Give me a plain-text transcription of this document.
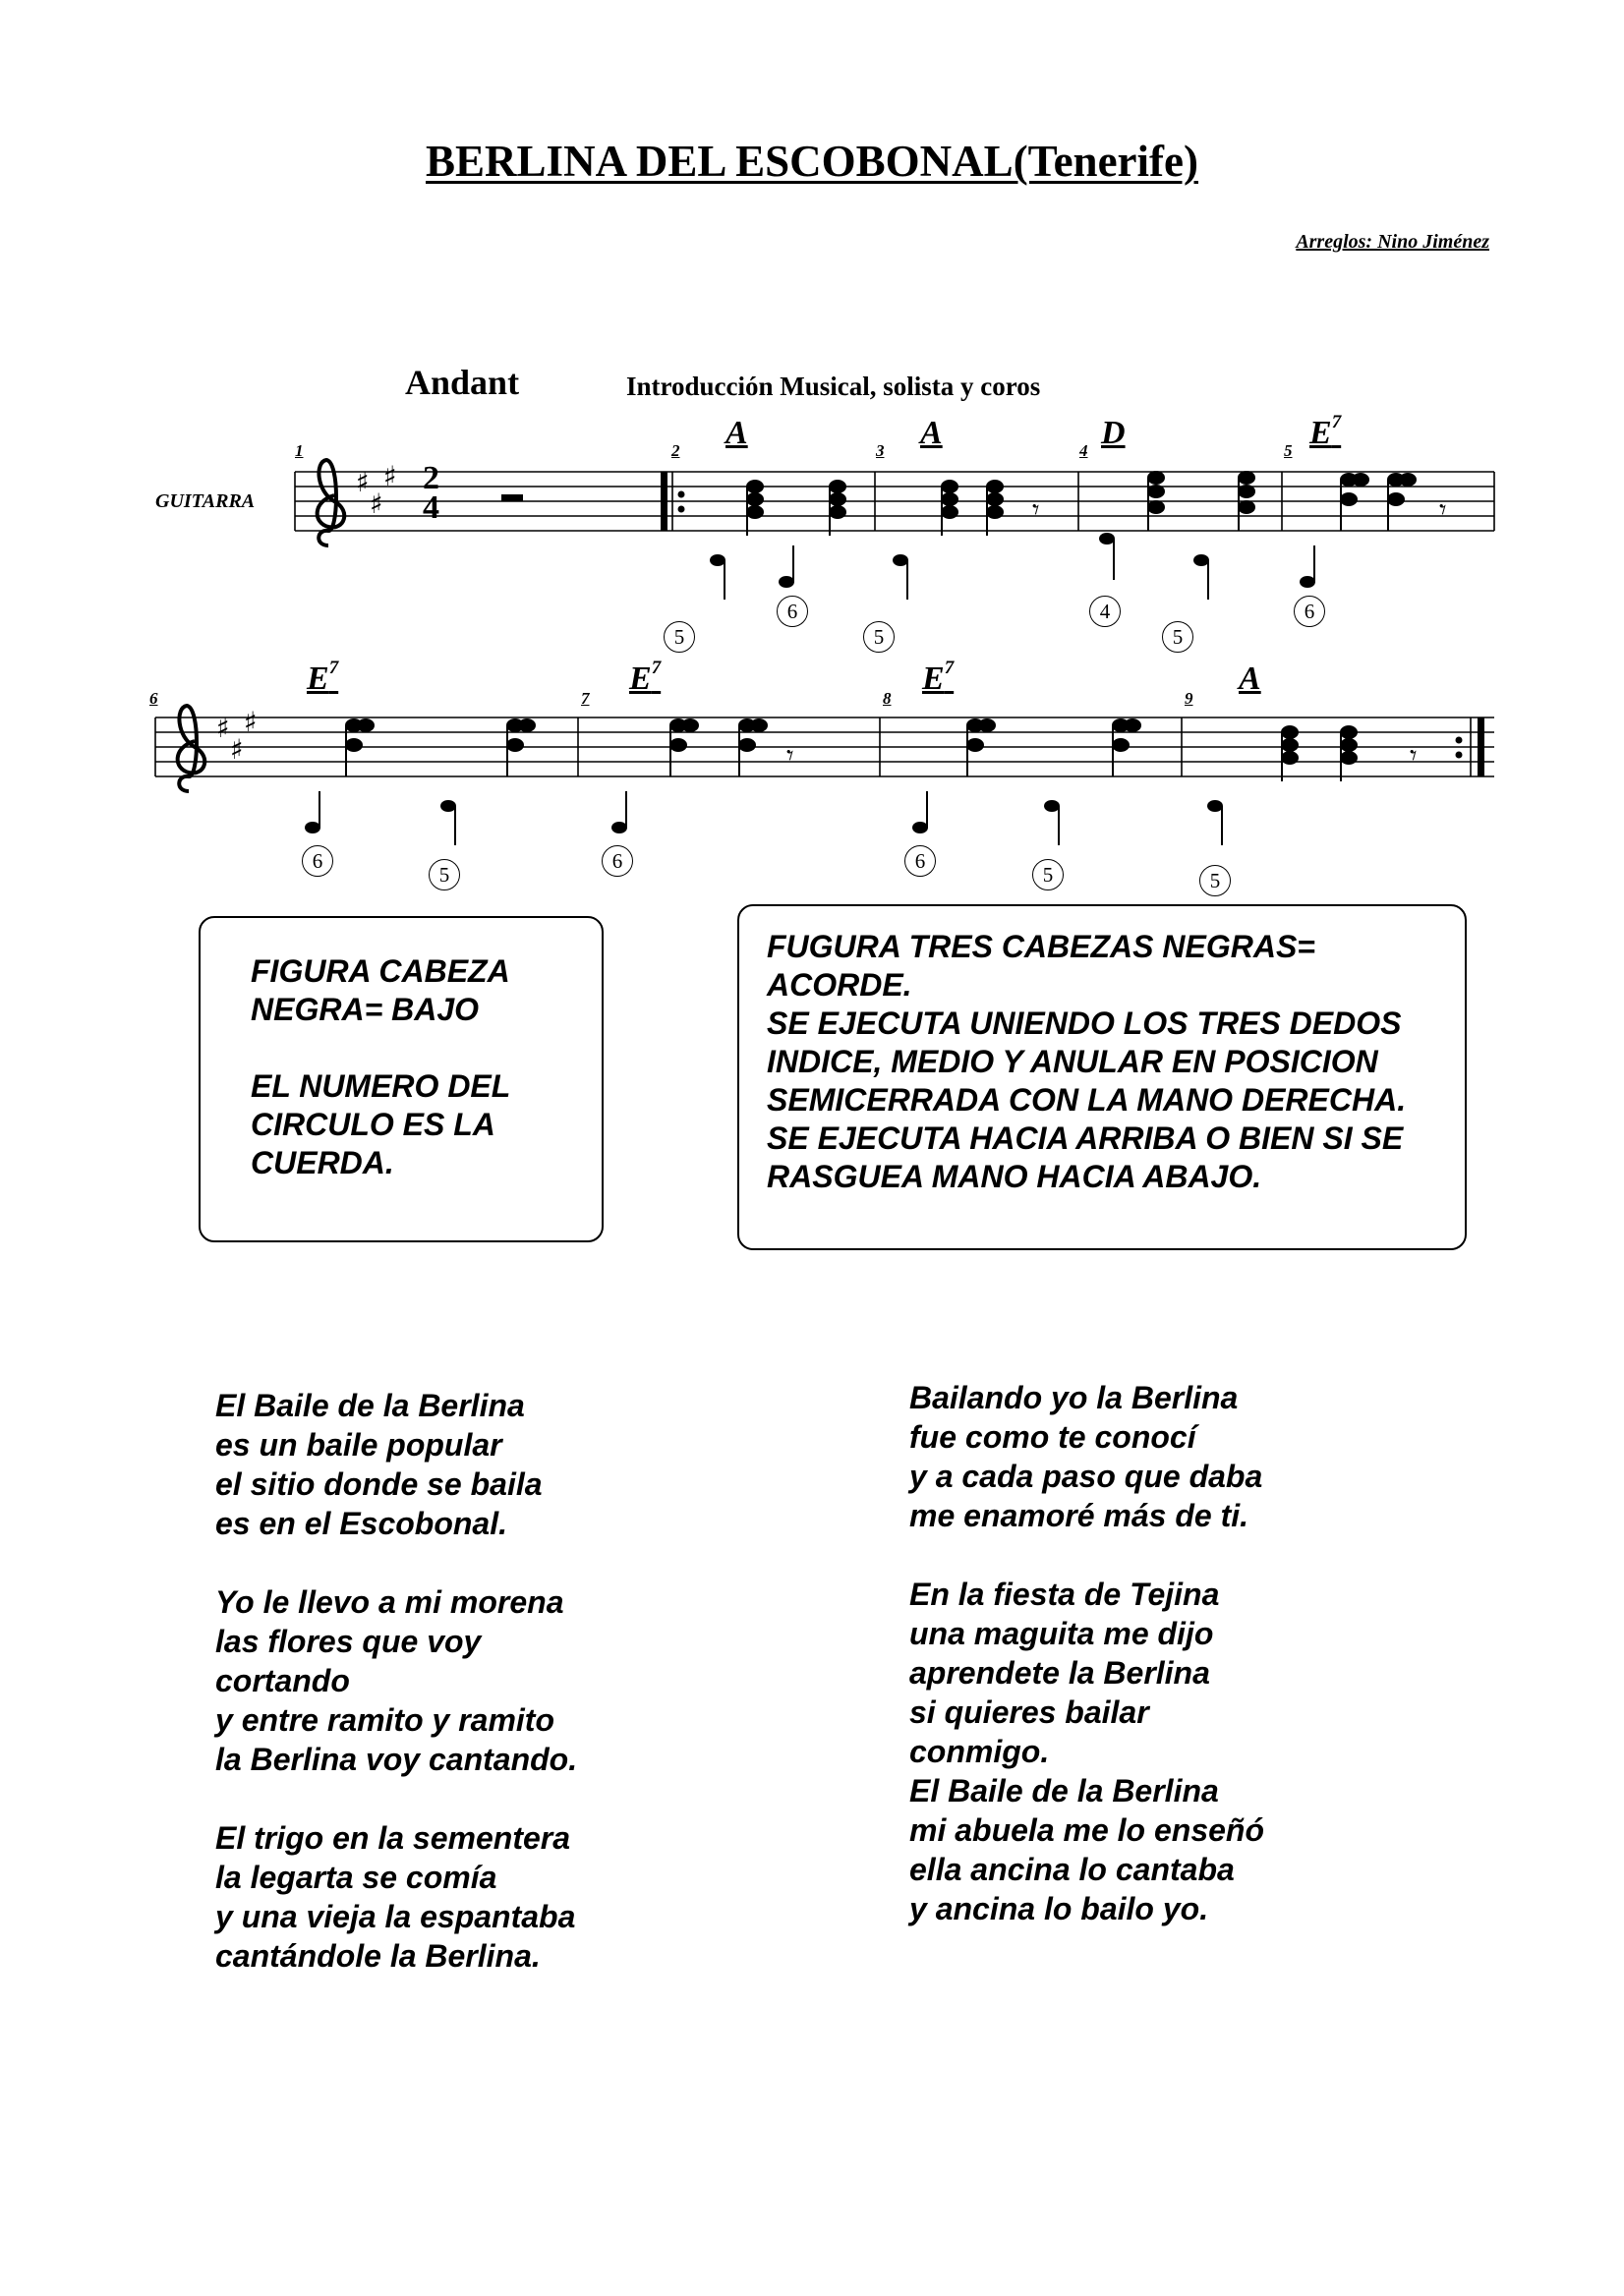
BERLINA DEL ESCOBONAL(Tenerife)
Arreglos: Nino Jiménez
Andant	Introducción Musical, solista y coros
GUITARRA
♯
♯
♯
♯
♯
♯
𝄾	𝄾
𝄾	𝄾
2
4
1	2	3	4	5
6	7	8	9
A	A	D	$E^7$
$E^7$	$E^7$	$E^7$	A
5
6
5
4
5
6
6
5
6	6
5	5

FIGURA CABEZA

NEGRA= BAJO

EL NUMERO DEL

CIRCULO ES LA

CUERDA.

FUGURA TRES CABEZAS NEGRAS=

ACORDE.

SE EJECUTA UNIENDO LOS TRES DEDOS

INDICE, MEDIO Y ANULAR EN POSICION

SEMICERRADA CON LA MANO DERECHA.

SE EJECUTA HACIA ARRIBA O BIEN SI SE

RASGUEA MANO HACIA ABAJO.

El Baile de la Berlina

es un baile popular

el sitio donde se baila

es en el Escobonal.

Yo le llevo a mi morena

las flores que voy

cortando

y entre ramito y ramito

la Berlina voy cantando.

El trigo en la sementera

la legarta se comía

y una vieja la espantaba

cantándole la Berlina.

Bailando yo la Berlina

fue como te conocí

y a cada paso que daba

me enamoré más de ti.

En la fiesta de Tejina

una maguita me dijo

aprendete la Berlina

si quieres bailar

conmigo.

El Baile de la Berlina

mi abuela me lo enseñó

ella ancina lo cantaba

y ancina lo bailo yo.
